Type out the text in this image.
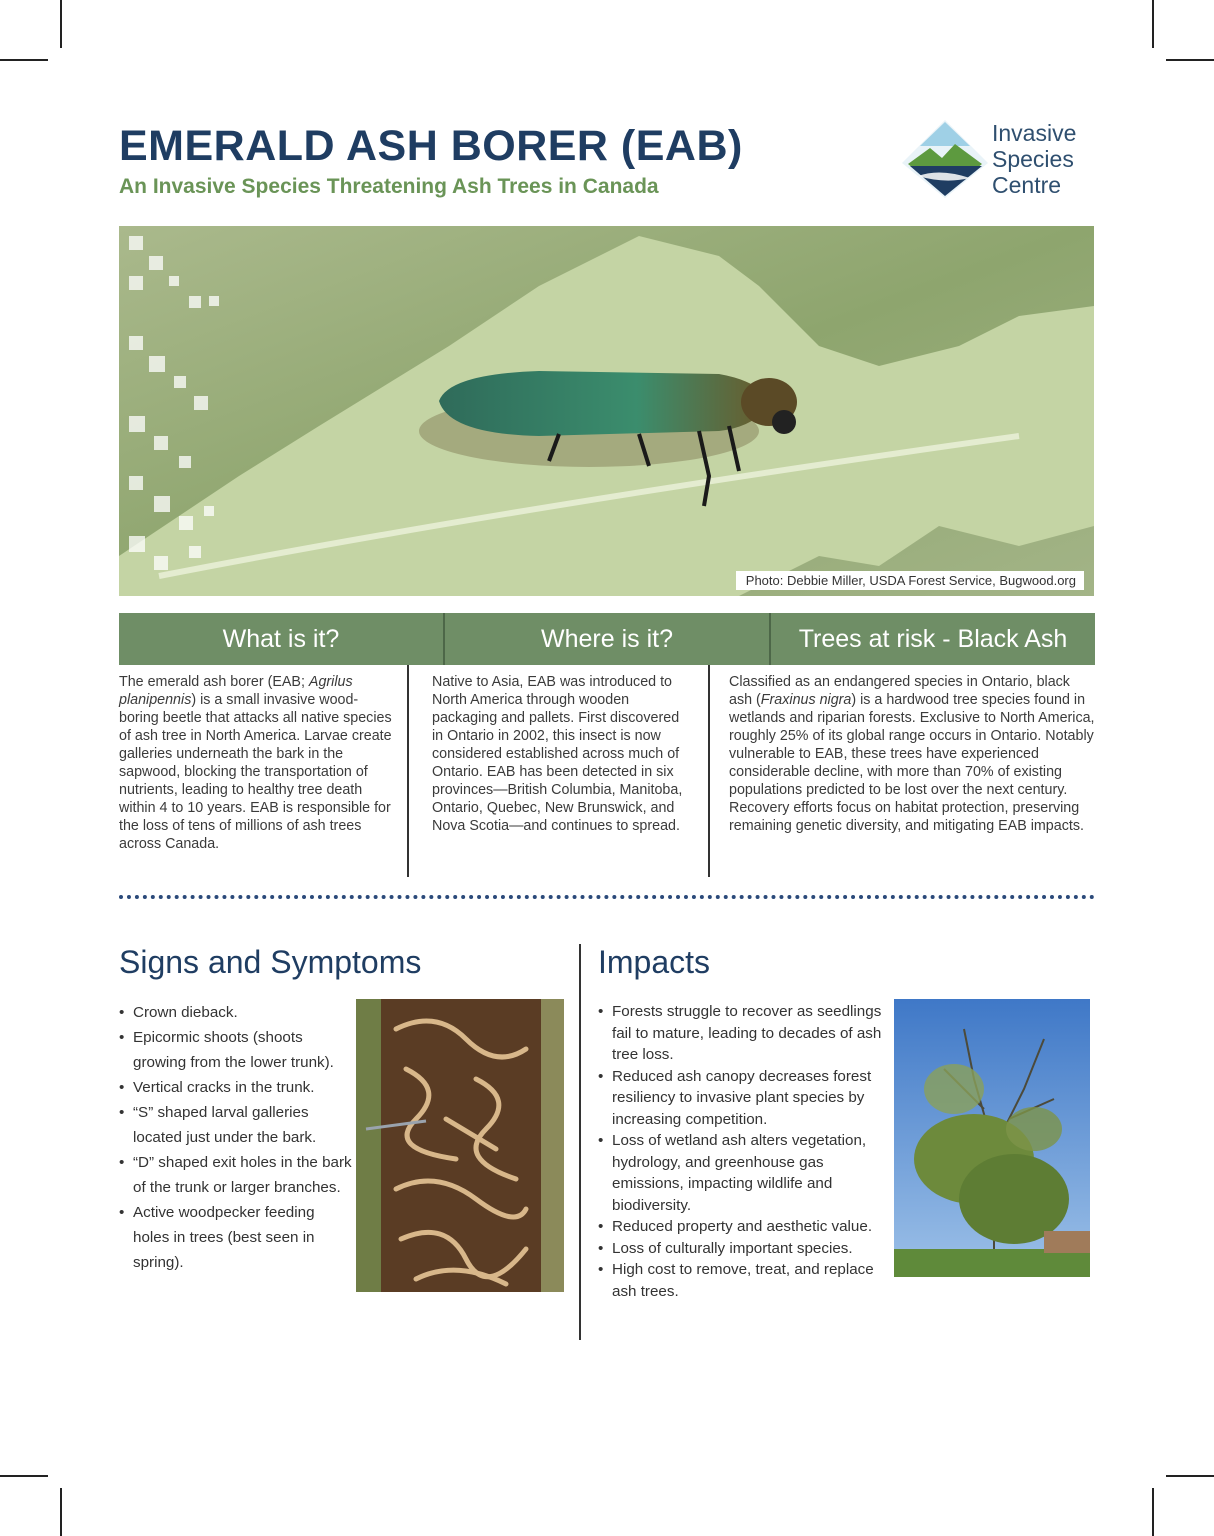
EMERALD ASH BORER (EAB)
An Invasive Species Threatening Ash Trees in Canada
Invasive
Species
Centre
Photo: Debbie Miller, USDA Forest Service, Bugwood.org
What is it?	Where is it?	Trees at risk - Black Ash
The emerald ash borer (EAB; Agrilus planipennis) is a small invasive wood-boring beetle that attacks all native species of ash tree in North America. Larvae create galleries underneath the bark in the sapwood, blocking the transportation of nutrients, leading to healthy tree death within 4 to 10 years. EAB is responsible for the loss of tens of millions of ash trees across Canada.
Native to Asia, EAB was introduced to North America through wooden packaging and pallets. First discovered in Ontario in 2002, this insect is now considered established across much of Ontario. EAB has been detected in six provinces—British Columbia, Manitoba, Ontario, Quebec, New Brunswick, and Nova Scotia—and continues to spread.
Classified as an endangered species in Ontario, black ash (Fraxinus nigra) is a hardwood tree species found in wetlands and riparian forests. Exclusive to North America, roughly 25% of its global range occurs in Ontario. Notably vulnerable to EAB, these trees have experienced considerable decline, with more than 70% of existing populations predicted to be lost over the next century. Recovery efforts focus on habitat protection, preserving remaining genetic diversity, and mitigating EAB impacts.
Signs and Symptoms
• Crown dieback.
• Epicormic shoots (shoots growing from the lower trunk).
• Vertical cracks in the trunk.
• “S” shaped larval galleries located just under the bark.
• “D” shaped exit holes in the bark of the trunk or larger branches.
• Active woodpecker feeding holes in trees (best seen in spring).
Impacts
• Forests struggle to recover as seedlings fail to mature, leading to decades of ash tree loss.
• Reduced ash canopy decreases forest resiliency to invasive plant species by increasing competition.
• Loss of wetland ash alters vegetation, hydrology, and greenhouse gas emissions, impacting wildlife and biodiversity.
• Reduced property and aesthetic value.
• Loss of culturally important species.
• High cost to remove, treat, and replace ash trees.
